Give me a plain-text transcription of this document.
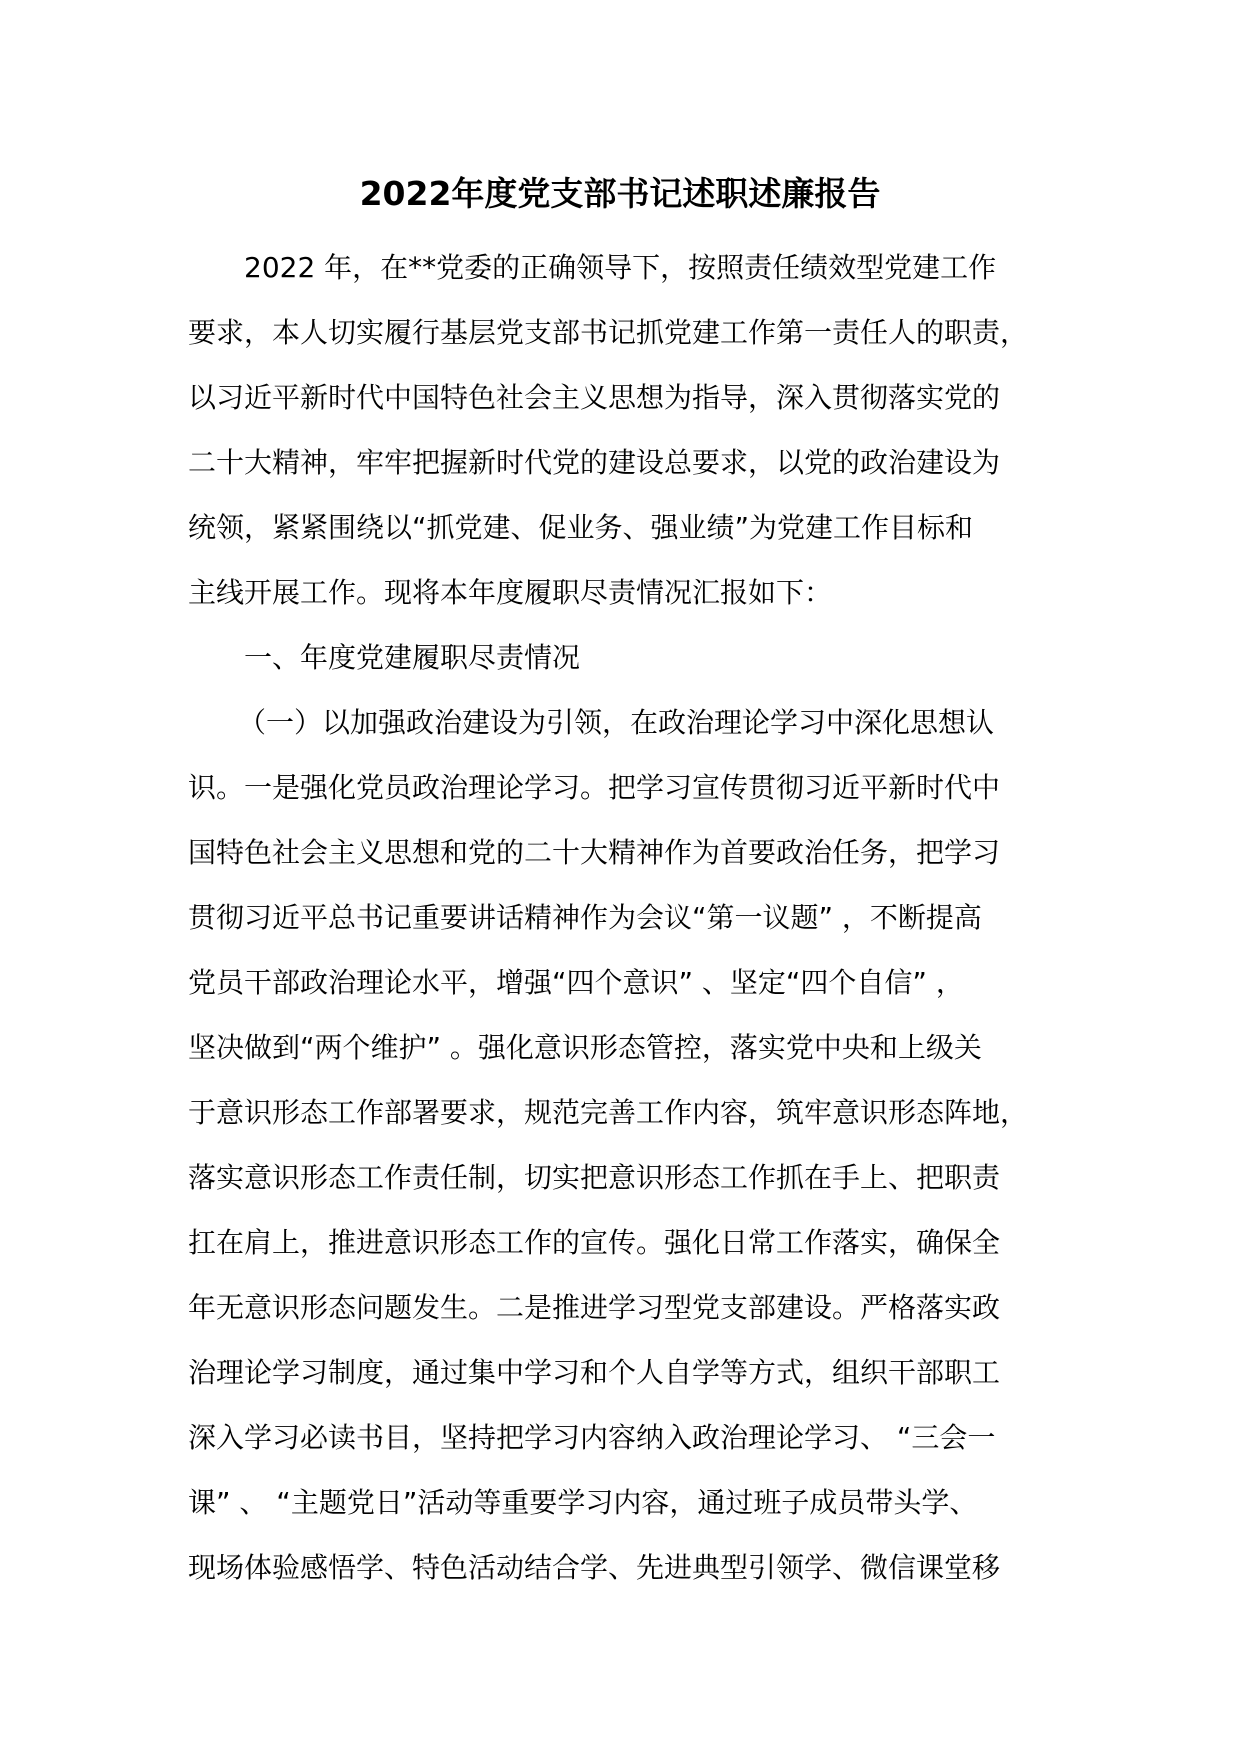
2022年度党支部书记述职述廉报告
2022 年，在**党委的正确领导下，按照责任绩效型党建工作
要求，本人切实履行基层党支部书记抓党建工作第一责任人的职责，
以习近平新时代中国特色社会主义思想为指导，深入贯彻落实党的
二十大精神，牢牢把握新时代党的建设总要求，以党的政治建设为
统领，紧紧围绕以“抓党建、促业务、强业绩”为党建工作目标和
主线开展工作。现将本年度履职尽责情况汇报如下：
一、年度党建履职尽责情况
（一）以加强政治建设为引领，在政治理论学习中深化思想认
识。一是强化党员政治理论学习。把学习宣传贯彻习近平新时代中
国特色社会主义思想和党的二十大精神作为首要政治任务，把学习
贯彻习近平总书记重要讲话精神作为会议“第一议题” ，不断提高
党员干部政治理论水平，增强“四个意识” 、坚定“四个自信” ，
坚决做到“两个维护” 。强化意识形态管控，落实党中央和上级关
于意识形态工作部署要求，规范完善工作内容，筑牢意识形态阵地，
落实意识形态工作责任制，切实把意识形态工作抓在手上、把职责
扛在肩上，推进意识形态工作的宣传。强化日常工作落实，确保全
年无意识形态问题发生。二是推进学习型党支部建设。严格落实政
治理论学习制度，通过集中学习和个人自学等方式，组织干部职工
深入学习必读书目，坚持把学习内容纳入政治理论学习、 “三会一
课” 、 “主题党日”活动等重要学习内容，通过班子成员带头学、
现场体验感悟学、特色活动结合学、先进典型引领学、微信课堂移
